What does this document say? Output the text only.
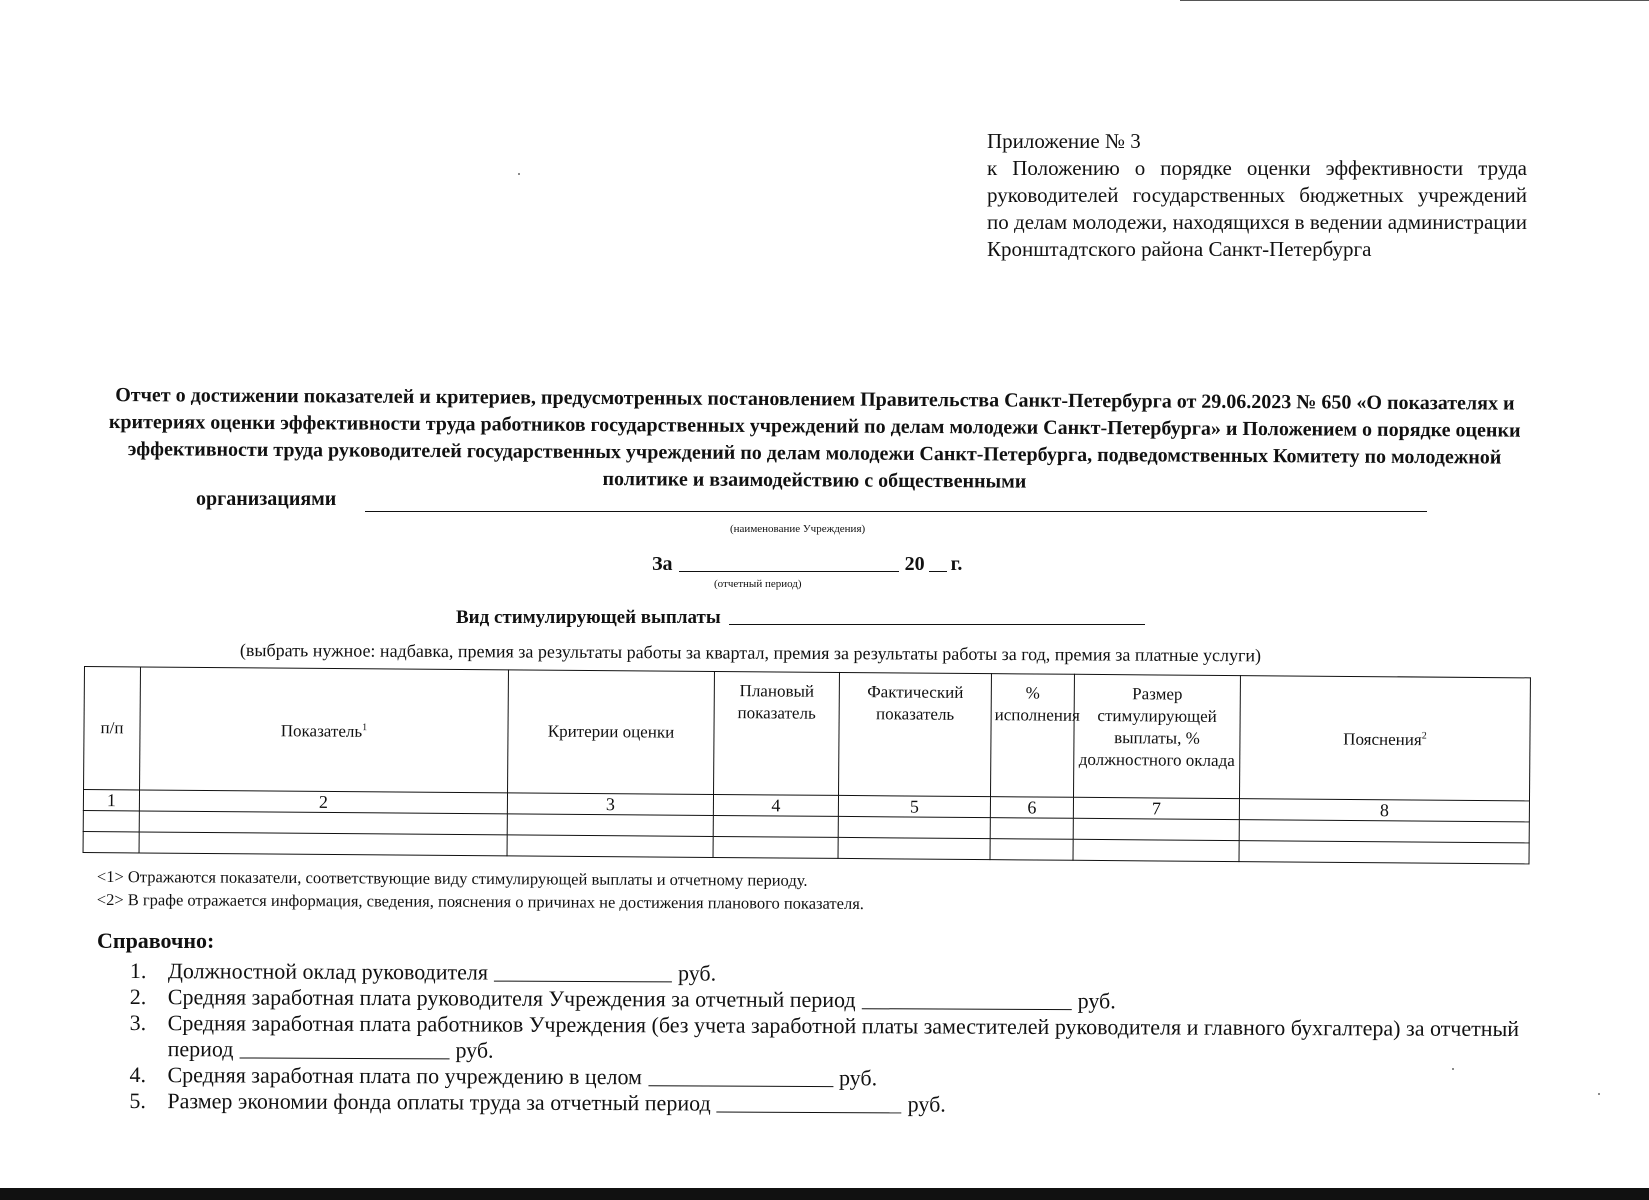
Приложение № 3
к Положению о порядке оценки эффективности труда руководителей государственных бюджетных учреждений по делам молодежи, находящихся в ведении администрации Кронштадтского района Санкт-Петербурга
Отчет о достижении показателей и критериев, предусмотренных постановлением Правительства Санкт-Петербурга от 29.06.2023 № 650 «О показателях и критериях оценки эффективности труда работников государственных учреждений по делам молодежи Санкт-Петербурга» и Положением о порядке оценки эффективности труда руководителей государственных учреждений по делам молодежи Санкт-Петербурга, подведомственных Комитету по молодежной политике и взаимодействию с общественными
организациями
(наименование Учреждения)
За	20 г.
(отчетный период)
Вид стимулирующей выплаты
(выбрать нужное: надбавка, премия за результаты работы за квартал, премия за результаты работы за год, премия за платные услуги)
п/п	Показатель$^1$	Критерии оценки	Плановый показатель	Фактический показатель	% исполнения	Размер стимулирующей выплаты, % должностного оклада	Пояснения$^2$
1	2	3	4	5	6	7	8

<1> Отражаются показатели, соответствующие виду стимулирующей выплаты и отчетному периоду.
<2> В графе отражается информация, сведения, пояснения о причинах не достижения планового показателя.
Справочно:
1. Должностной оклад руководителя	руб.
2. Средняя заработная плата руководителя Учреждения за отчетный период	руб.
3. Средняя заработная плата работников Учреждения (без учета заработной платы заместителей руководителя и главного бухгалтера) за отчетный период	руб.
4. Средняя заработная плата по учреждению в целом	руб.
5. Размер экономии фонда оплаты труда за отчетный период	руб.
